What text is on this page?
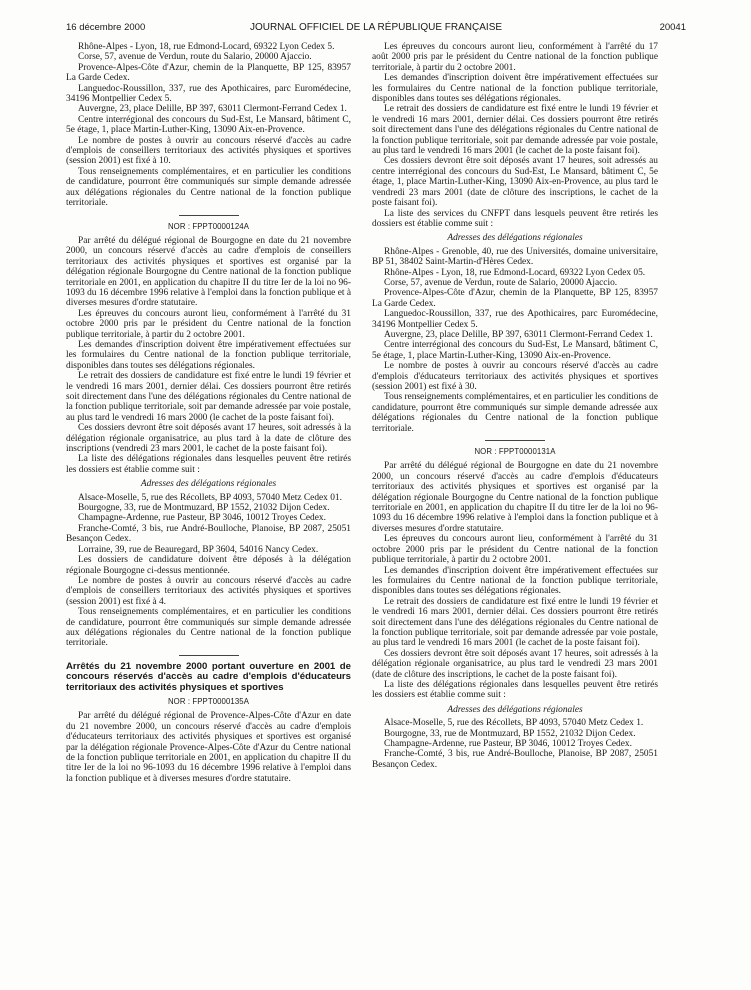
16 décembre 2000	JOURNAL OFFICIEL DE LA RÉPUBLIQUE FRANÇAISE	20041

Rhône-Alpes - Lyon, 18, rue Edmond-Locard, 69322 Lyon Cedex 5.

Corse, 57, avenue de Verdun, route du Salario, 20000 Ajaccio.

Provence-Alpes-Côte d'Azur, chemin de la Planquette, BP 125, 83957 La Garde Cedex.

Languedoc-Roussillon, 337, rue des Apothicaires, parc Euromédecine, 34196 Montpellier Cedex 5.

Auvergne, 23, place Delille, BP 397, 63011 Clermont-Ferrand Cedex 1.

Centre interrégional des concours du Sud-Est, Le Mansard, bâtiment C, 5e étage, 1, place Martin-Luther-King, 13090 Aix-en-Provence.

Le nombre de postes à ouvrir au concours réservé d'accès au cadre d'emplois de conseillers territoriaux des activités physiques et sportives (session 2001) est fixé à 10.

Tous renseignements complémentaires, et en particulier les conditions de candidature, pourront être communiqués sur simple demande adressée aux délégations régionales du Centre national de la fonction publique territoriale.

NOR : FPPT0000124A

Par arrêté du délégué régional de Bourgogne en date du 21 novembre 2000, un concours réservé d'accès au cadre d'emplois de conseillers territoriaux des activités physiques et sportives est organisé par la délégation régionale Bourgogne du Centre national de la fonction publique territoriale en 2001, en application du chapitre II du titre Ier de la loi no 96-1093 du 16 décembre 1996 relative à l'emploi dans la fonction publique et à diverses mesures d'ordre statutaire.

Les épreuves du concours auront lieu, conformément à l'arrêté du 31 octobre 2000 pris par le président du Centre national de la fonction publique territoriale, à partir du 2 octobre 2001.

Les demandes d'inscription doivent être impérativement effectuées sur les formulaires du Centre national de la fonction publique territoriale, disponibles dans toutes ses délégations régionales.

Le retrait des dossiers de candidature est fixé entre le lundi 19 février et le vendredi 16 mars 2001, dernier délai. Ces dossiers pourront être retirés soit directement dans l'une des délégations régionales du Centre national de la fonction publique territoriale, soit par demande adressée par voie postale, au plus tard le vendredi 16 mars 2000 (le cachet de la poste faisant foi).

Ces dossiers devront être soit déposés avant 17 heures, soit adressés à la délégation régionale organisatrice, au plus tard à la date de clôture des inscriptions (vendredi 23 mars 2001, le cachet de la poste faisant foi).

La liste des délégations régionales dans lesquelles peuvent être retirés les dossiers est établie comme suit :

Adresses des délégations régionales

Alsace-Moselle, 5, rue des Récollets, BP 4093, 57040 Metz Cedex 01.

Bourgogne, 33, rue de Montmuzard, BP 1552, 21032 Dijon Cedex.

Champagne-Ardenne, rue Pasteur, BP 3046, 10012 Troyes Cedex.

Franche-Comté, 3 bis, rue André-Boulloche, Planoise, BP 2087, 25051 Besançon Cedex.

Lorraine, 39, rue de Beauregard, BP 3604, 54016 Nancy Cedex.

Les dossiers de candidature doivent être déposés à la délégation régionale Bourgogne ci-dessus mentionnée.

Le nombre de postes à ouvrir au concours réservé d'accès au cadre d'emplois de conseillers territoriaux des activités physiques et sportives (session 2001) est fixé à 4.

Tous renseignements complémentaires, et en particulier les conditions de candidature, pourront être communiqués sur simple demande adressée aux délégations régionales du Centre national de la fonction publique territoriale.

Arrêtés du 21 novembre 2000 portant ouverture en 2001 de concours réservés d'accès au cadre d'emplois d'éducateurs territoriaux des activités physiques et sportives
NOR : FPPT0000135A

Par arrêté du délégué régional de Provence-Alpes-Côte d'Azur en date du 21 novembre 2000, un concours réservé d'accès au cadre d'emplois d'éducateurs territoriaux des activités physiques et sportives est organisé par la délégation régionale Provence-Alpes-Côte d'Azur du Centre national de la fonction publique territoriale en 2001, en application du chapitre II du titre Ier de la loi no 96-1093 du 16 décembre 1996 relative à l'emploi dans la fonction publique et à diverses mesures d'ordre statutaire.

Les épreuves du concours auront lieu, conformément à l'arrêté du 17 août 2000 pris par le président du Centre national de la fonction publique territoriale, à partir du 2 octobre 2001.

Les demandes d'inscription doivent être impérativement effectuées sur les formulaires du Centre national de la fonction publique territoriale, disponibles dans toutes ses délégations régionales.

Le retrait des dossiers de candidature est fixé entre le lundi 19 février et le vendredi 16 mars 2001, dernier délai. Ces dossiers pourront être retirés soit directement dans l'une des délégations régionales du Centre national de la fonction publique territoriale, soit par demande adressée par voie postale, au plus tard le vendredi 16 mars 2001 (le cachet de la poste faisant foi).

Ces dossiers devront être soit déposés avant 17 heures, soit adressés au centre interrégional des concours du Sud-Est, Le Mansard, bâtiment C, 5e étage, 1, place Martin-Luther-King, 13090 Aix-en-Provence, au plus tard le vendredi 23 mars 2001 (date de clôture des inscriptions, le cachet de la poste faisant foi).

La liste des services du CNFPT dans lesquels peuvent être retirés les dossiers est établie comme suit :

Adresses des délégations régionales

Rhône-Alpes - Grenoble, 40, rue des Universités, domaine universitaire, BP 51, 38402 Saint-Martin-d'Hères Cedex.

Rhône-Alpes - Lyon, 18, rue Edmond-Locard, 69322 Lyon Cedex 05.

Corse, 57, avenue de Verdun, route de Salario, 20000 Ajaccio.

Provence-Alpes-Côte d'Azur, chemin de la Planquette, BP 125, 83957 La Garde Cedex.

Languedoc-Roussillon, 337, rue des Apothicaires, parc Euromédecine, 34196 Montpellier Cedex 5.

Auvergne, 23, place Delille, BP 397, 63011 Clermont-Ferrand Cedex 1.

Centre interrégional des concours du Sud-Est, Le Mansard, bâtiment C, 5e étage, 1, place Martin-Luther-King, 13090 Aix-en-Provence.

Le nombre de postes à ouvrir au concours réservé d'accès au cadre d'emplois d'éducateurs territoriaux des activités physiques et sportives (session 2001) est fixé à 30.

Tous renseignements complémentaires, et en particulier les conditions de candidature, pourront être communiqués sur simple demande adressée aux délégations régionales du Centre national de la fonction publique territoriale.

NOR : FPPT0000131A

Par arrêté du délégué régional de Bourgogne en date du 21 novembre 2000, un concours réservé d'accès au cadre d'emplois d'éducateurs territoriaux des activités physiques et sportives est organisé par la délégation régionale Bourgogne du Centre national de la fonction publique territoriale en 2001, en application du chapitre II du titre Ier de la loi no 96-1093 du 16 décembre 1996 relative à l'emploi dans la fonction publique et à diverses mesures d'ordre statutaire.

Les épreuves du concours auront lieu, conformément à l'arrêté du 31 octobre 2000 pris par le président du Centre national de la fonction publique territoriale, à partir du 2 octobre 2001.

Les demandes d'inscription doivent être impérativement effectuées sur les formulaires du Centre national de la fonction publique territoriale, disponibles dans toutes ses délégations régionales.

Le retrait des dossiers de candidature est fixé entre le lundi 19 février et le vendredi 16 mars 2001, dernier délai. Ces dossiers pourront être retirés soit directement dans l'une des délégations régionales du Centre national de la fonction publique territoriale, soit par demande adressée par voie postale, au plus tard le vendredi 16 mars 2001 (le cachet de la poste faisant foi).

Ces dossiers devront être soit déposés avant 17 heures, soit adressés à la délégation régionale organisatrice, au plus tard le vendredi 23 mars 2001 (date de clôture des inscriptions, le cachet de la poste faisant foi).

La liste des délégations régionales dans lesquelles peuvent être retirés les dossiers est établie comme suit :

Adresses des délégations régionales

Alsace-Moselle, 5, rue des Récollets, BP 4093, 57040 Metz Cedex 1.

Bourgogne, 33, rue de Montmuzard, BP 1552, 21032 Dijon Cedex.

Champagne-Ardenne, rue Pasteur, BP 3046, 10012 Troyes Cedex.

Franche-Comté, 3 bis, rue André-Boulloche, Planoise, BP 2087, 25051 Besançon Cedex.
